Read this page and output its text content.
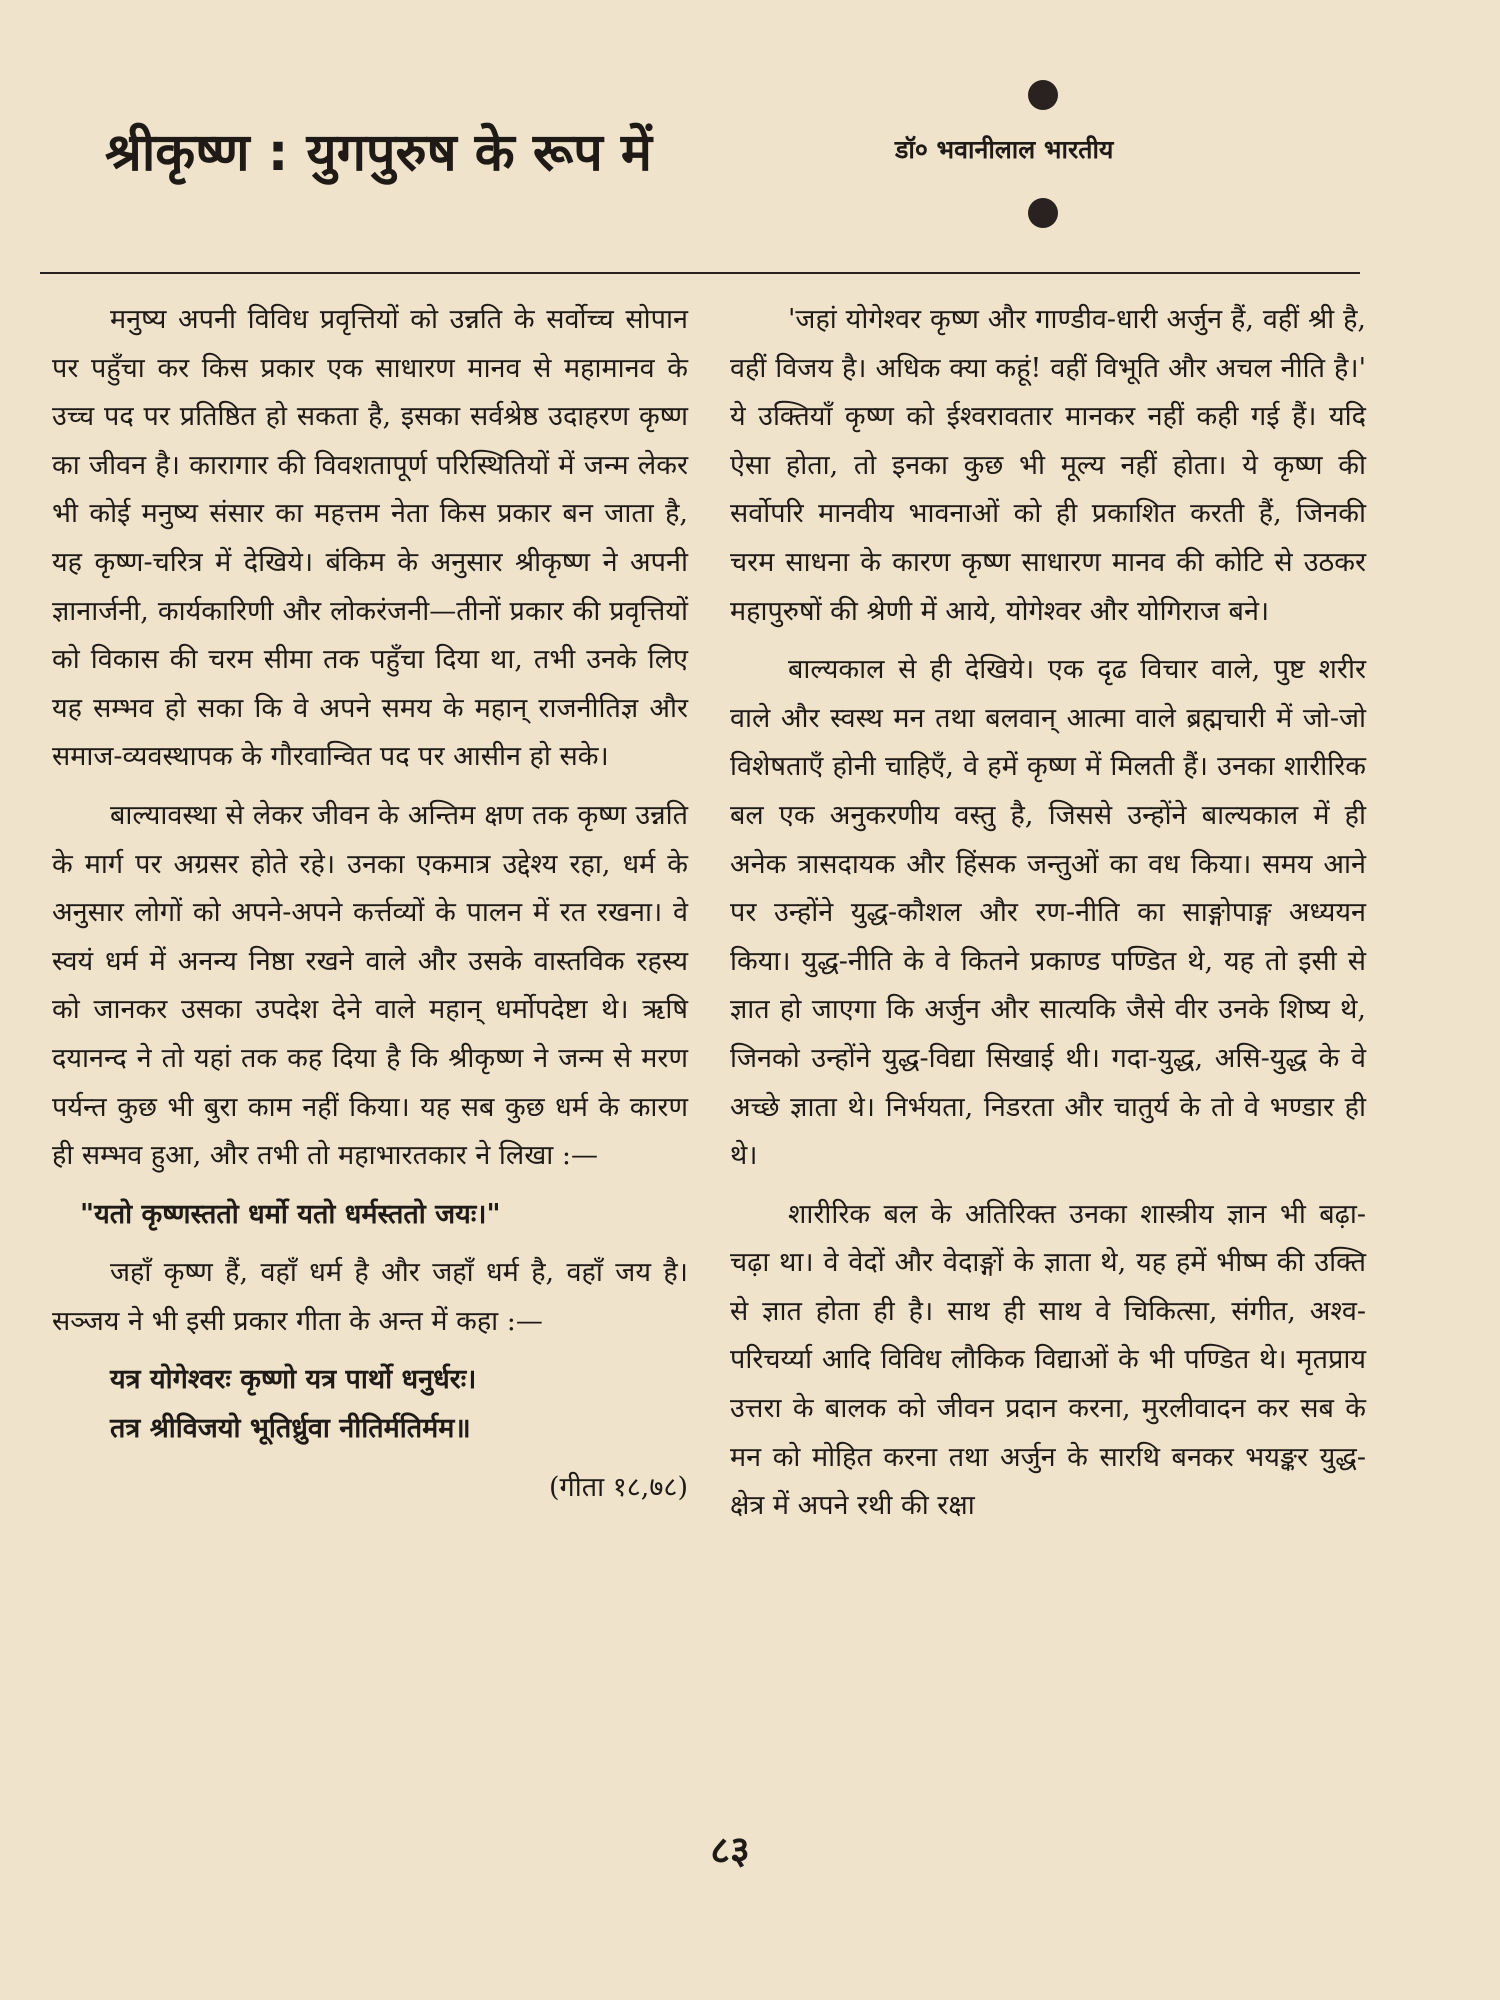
श्रीकृष्ण : युगपुरुष के रूप में	डॉ० भवानीलाल भारतीय

मनुष्य अपनी विविध प्रवृत्तियों को उन्नति के सर्वोच्च सोपान पर पहुँचा कर किस प्रकार एक साधारण मानव से महामानव के उच्च पद पर प्रतिष्ठित हो सकता है, इसका सर्वश्रेष्ठ उदाहरण कृष्ण का जीवन है। कारागार की विवशतापूर्ण परिस्थितियों में जन्म लेकर भी कोई मनुष्य संसार का महत्तम नेता किस प्रकार बन जाता है, यह कृष्ण-चरित्र में देखिये। बंकिम के अनुसार श्रीकृष्ण ने अपनी ज्ञानार्जनी, कार्यकारिणी और लोकरंजनी—तीनों प्रकार की प्रवृत्तियों को विकास की चरम सीमा तक पहुँचा दिया था, तभी उनके लिए यह सम्भव हो सका कि वे अपने समय के महान् राजनीतिज्ञ और समाज-व्यवस्थापक के गौरवान्वित पद पर आसीन हो सके।

बाल्यावस्था से लेकर जीवन के अन्तिम क्षण तक कृष्ण उन्नति के मार्ग पर अग्रसर होते रहे। उनका एकमात्र उद्देश्य रहा, धर्म के अनुसार लोगों को अपने-अपने कर्त्तव्यों के पालन में रत रखना। वे स्वयं धर्म में अनन्य निष्ठा रखने वाले और उसके वास्तविक रहस्य को जानकर उसका उपदेश देने वाले महान् धर्मोपदेष्टा थे। ऋषि दयानन्द ने तो यहां तक कह दिया है कि श्रीकृष्ण ने जन्म से मरण पर्यन्त कुछ भी बुरा काम नहीं किया। यह सब कुछ धर्म के कारण ही सम्भव हुआ, और तभी तो महाभारतकार ने लिखा :—

"यतो कृष्णस्ततो धर्मो यतो धर्मस्ततो जयः।"

जहाँ कृष्ण हैं, वहाँ धर्म है और जहाँ धर्म है, वहाँ जय है। सञ्जय ने भी इसी प्रकार गीता के अन्त में कहा :—

यत्र योगेश्वरः कृष्णो यत्र पार्थो धनुर्धरः।
तत्र श्रीविजयो भूतिर्ध्रुवा नीतिर्मतिर्मम॥
(गीता १८,७८)

'जहां योगेश्वर कृष्ण और गाण्डीव-धारी अर्जुन हैं, वहीं श्री है, वहीं विजय है। अधिक क्या कहूं! वहीं विभूति और अचल नीति है।' ये उक्तियाँ कृष्ण को ईश्वरावतार मानकर नहीं कही गई हैं। यदि ऐसा होता, तो इनका कुछ भी मूल्य नहीं होता। ये कृष्ण की सर्वोपरि मानवीय भावनाओं को ही प्रकाशित करती हैं, जिनकी चरम साधना के कारण कृष्ण साधारण मानव की कोटि से उठकर महापुरुषों की श्रेणी में आये, योगेश्वर और योगिराज बने।

बाल्यकाल से ही देखिये। एक दृढ विचार वाले, पुष्ट शरीर वाले और स्वस्थ मन तथा बलवान् आत्मा वाले ब्रह्मचारी में जो-जो विशेषताएँ होनी चाहिएँ, वे हमें कृष्ण में मिलती हैं। उनका शारीरिक बल एक अनुकरणीय वस्तु है, जिससे उन्होंने बाल्यकाल में ही अनेक त्रासदायक और हिंसक जन्तुओं का वध किया। समय आने पर उन्होंने युद्ध-कौशल और रण-नीति का साङ्गोपाङ्ग अध्ययन किया। युद्ध-नीति के वे कितने प्रकाण्ड पण्डित थे, यह तो इसी से ज्ञात हो जाएगा कि अर्जुन और सात्यकि जैसे वीर उनके शिष्य थे, जिनको उन्होंने युद्ध-विद्या सिखाई थी। गदा-युद्ध, असि-युद्ध के वे अच्छे ज्ञाता थे। निर्भयता, निडरता और चातुर्य के तो वे भण्डार ही थे।

शारीरिक बल के अतिरिक्त उनका शास्त्रीय ज्ञान भी बढ़ा-चढ़ा था। वे वेदों और वेदाङ्गों के ज्ञाता थे, यह हमें भीष्म की उक्ति से ज्ञात होता ही है। साथ ही साथ वे चिकित्सा, संगीत, अश्व-परिचर्य्या आदि विविध लौकिक विद्याओं के भी पण्डित थे। मृतप्राय उत्तरा के बालक को जीवन प्रदान करना, मुरलीवादन कर सब के मन को मोहित करना तथा अर्जुन के सारथि बनकर भयङ्कर युद्ध-क्षेत्र में अपने रथी की रक्षा

८३
